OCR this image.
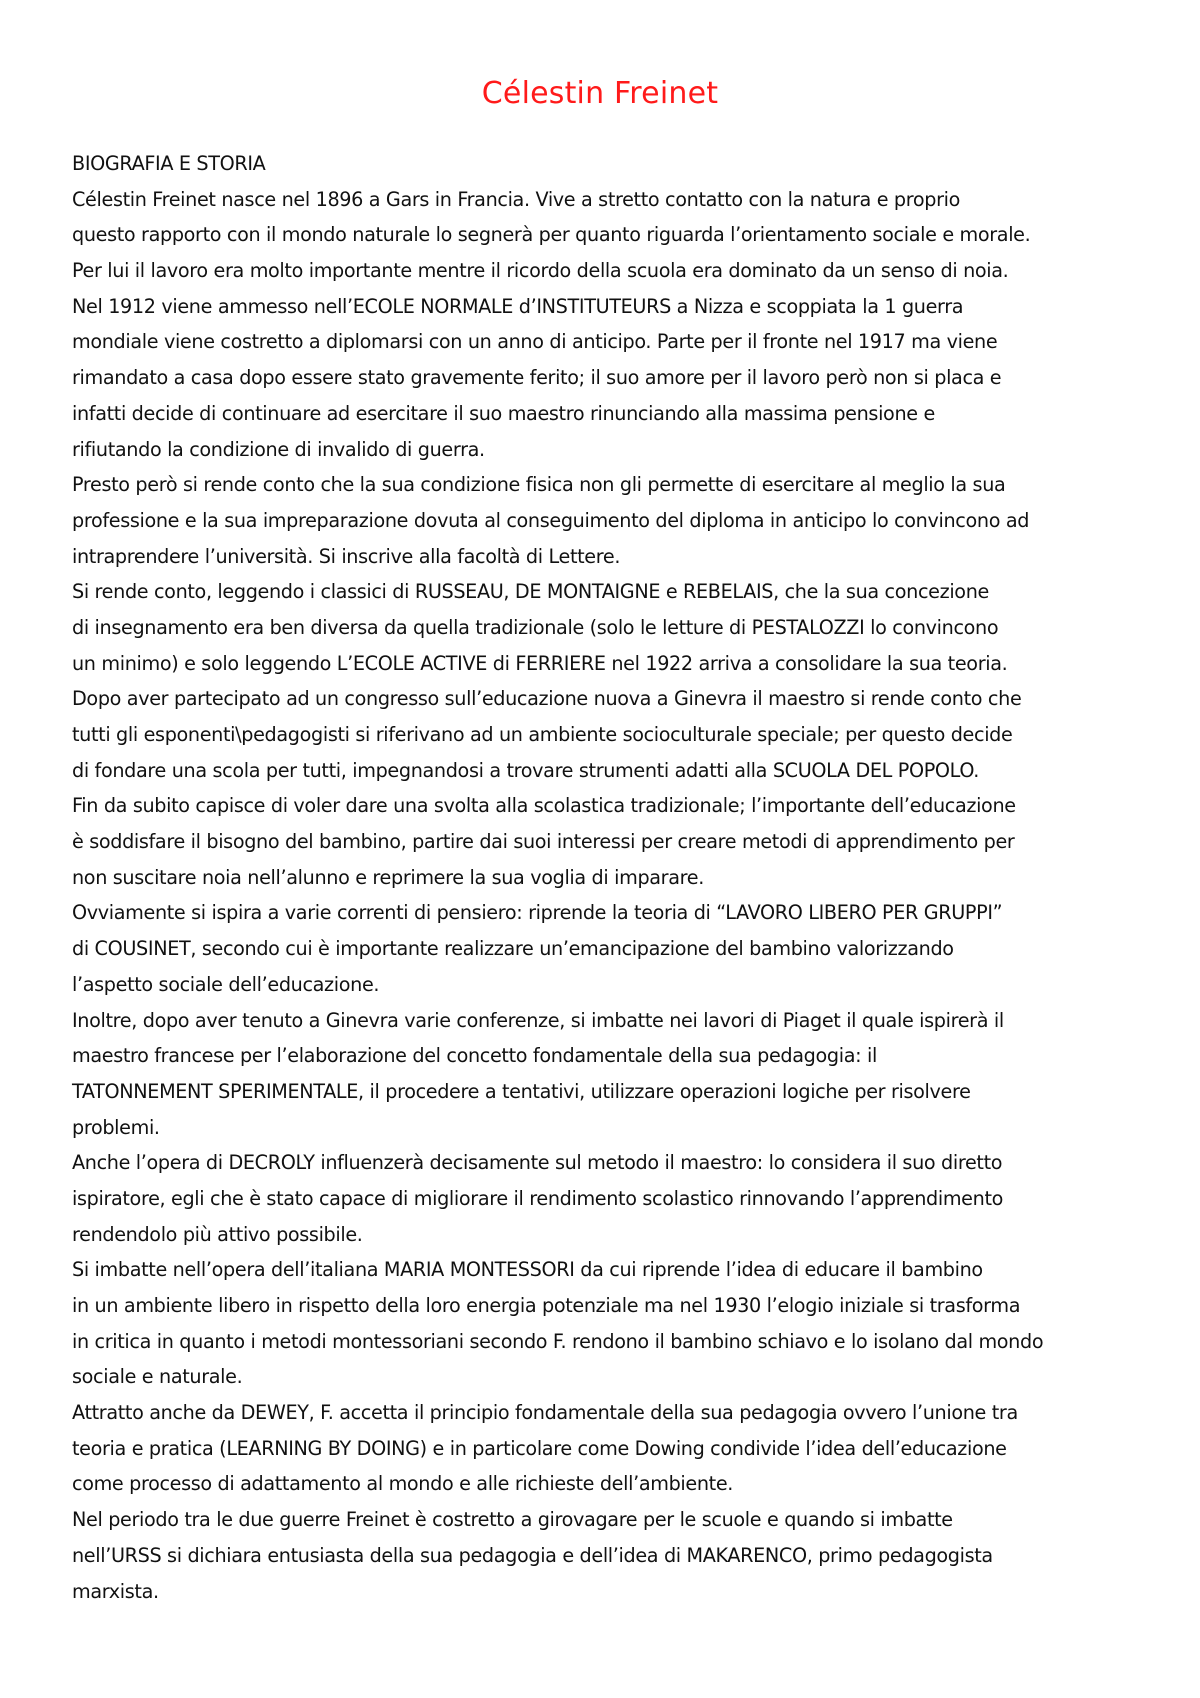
Célestin Freinet
BIOGRAFIA E STORIA
Célestin Freinet nasce nel 1896 a Gars in Francia. Vive a stretto contatto con la natura e proprio
questo rapporto con il mondo naturale lo segnerà per quanto riguarda l’orientamento sociale e morale.
Per lui il lavoro era molto importante mentre il ricordo della scuola era dominato da un senso di noia.
Nel 1912 viene ammesso nell’ECOLE NORMALE d’INSTITUTEURS a Nizza e scoppiata la 1 guerra
mondiale viene costretto a diplomarsi con un anno di anticipo. Parte per il fronte nel 1917 ma viene
rimandato a casa dopo essere stato gravemente ferito; il suo amore per il lavoro però non si placa e
infatti decide di continuare ad esercitare il suo maestro rinunciando alla massima pensione e
rifiutando la condizione di invalido di guerra.
Presto però si rende conto che la sua condizione fisica non gli permette di esercitare al meglio la sua
professione e la sua impreparazione dovuta al conseguimento del diploma in anticipo lo convincono ad
intraprendere l’università. Si inscrive alla facoltà di Lettere.
Si rende conto, leggendo i classici di RUSSEAU, DE MONTAIGNE e REBELAIS, che la sua concezione
di insegnamento era ben diversa da quella tradizionale (solo le letture di PESTALOZZI lo convincono
un minimo) e solo leggendo L’ECOLE ACTIVE di FERRIERE nel 1922 arriva a consolidare la sua teoria.
Dopo aver partecipato ad un congresso sull’educazione nuova a Ginevra il maestro si rende conto che
tutti gli esponenti\pedagogisti si riferivano ad un ambiente socioculturale speciale; per questo decide
di fondare una scola per tutti, impegnandosi a trovare strumenti adatti alla SCUOLA DEL POPOLO.
Fin da subito capisce di voler dare una svolta alla scolastica tradizionale; l’importante dell’educazione
è soddisfare il bisogno del bambino, partire dai suoi interessi per creare metodi di apprendimento per
non suscitare noia nell’alunno e reprimere la sua voglia di imparare.
Ovviamente si ispira a varie correnti di pensiero: riprende la teoria di “LAVORO LIBERO PER GRUPPI”
di COUSINET, secondo cui è importante realizzare un’emancipazione del bambino valorizzando
l’aspetto sociale dell’educazione.
Inoltre, dopo aver tenuto a Ginevra varie conferenze, si imbatte nei lavori di Piaget il quale ispirerà il
maestro francese per l’elaborazione del concetto fondamentale della sua pedagogia: il
TATONNEMENT SPERIMENTALE, il procedere a tentativi, utilizzare operazioni logiche per risolvere
problemi.
Anche l’opera di DECROLY influenzerà decisamente sul metodo il maestro: lo considera il suo diretto
ispiratore, egli che è stato capace di migliorare il rendimento scolastico rinnovando l’apprendimento
rendendolo più attivo possibile.
Si imbatte nell’opera dell’italiana MARIA MONTESSORI da cui riprende l’idea di educare il bambino
in un ambiente libero in rispetto della loro energia potenziale ma nel 1930 l’elogio iniziale si trasforma
in critica in quanto i metodi montessoriani secondo F. rendono il bambino schiavo e lo isolano dal mondo
sociale e naturale.
Attratto anche da DEWEY, F. accetta il principio fondamentale della sua pedagogia ovvero l’unione tra
teoria e pratica (LEARNING BY DOING) e in particolare come Dowing condivide l’idea dell’educazione
come processo di adattamento al mondo e alle richieste dell’ambiente.
Nel periodo tra le due guerre Freinet è costretto a girovagare per le scuole e quando si imbatte
nell’URSS si dichiara entusiasta della sua pedagogia e dell’idea di MAKARENCO, primo pedagogista
marxista.
